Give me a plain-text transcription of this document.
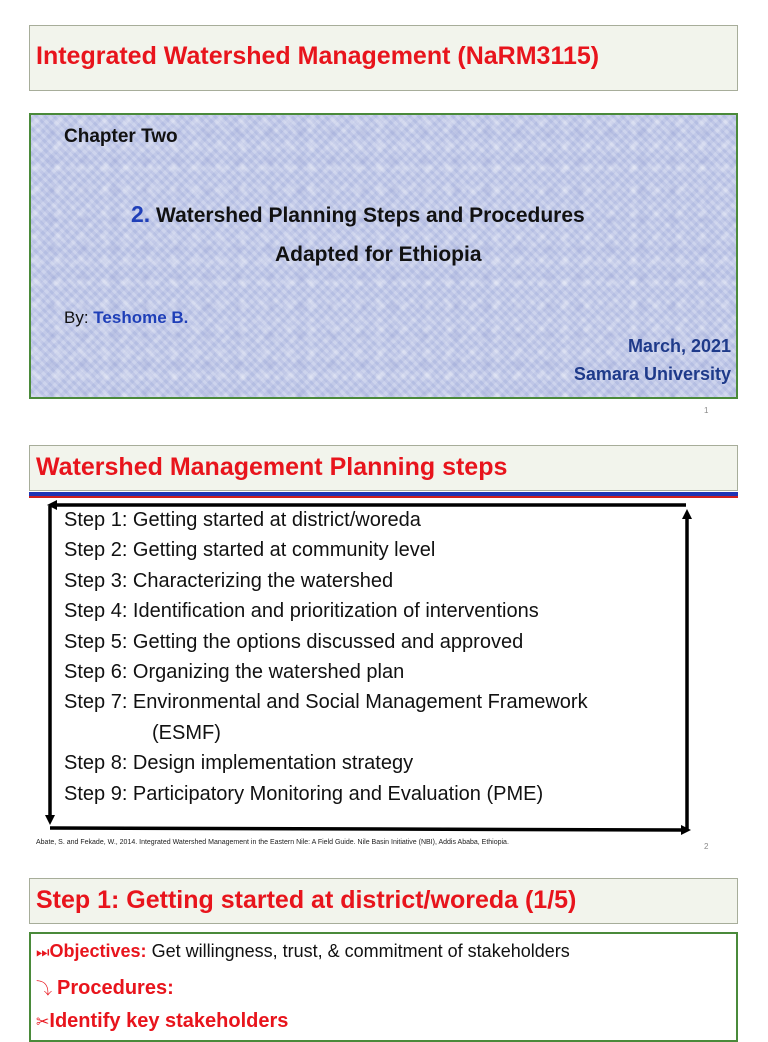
Integrated Watershed Management (NaRM3115)
Chapter Two
2. Watershed Planning Steps and Procedures
Adapted for Ethiopia
By: Teshome B.
March, 2021
Samara University
1
Watershed Management Planning steps
Step 1: Getting started at district/woreda
Step 2: Getting started at community level
Step 3: Characterizing the watershed
Step 4: Identification and prioritization of interventions
Step 5: Getting the options discussed and approved
Step 6: Organizing the watershed plan
Step 7: Environmental and Social Management Framework
(ESMF)
Step 8: Design implementation strategy
Step 9: Participatory Monitoring and Evaluation (PME)
Abate, S. and Fekade, W., 2014. Integrated Watershed Management in the Eastern Nile: A Field Guide. Nile Basin Initiative (NBI), Addis Ababa, Ethiopia.	2
Step 1: Getting started at district/woreda (1/5)
⏭Objectives: Get willingness, trust, & commitment of stakeholders
⤵ Procedures:
✂Identify key stakeholders
